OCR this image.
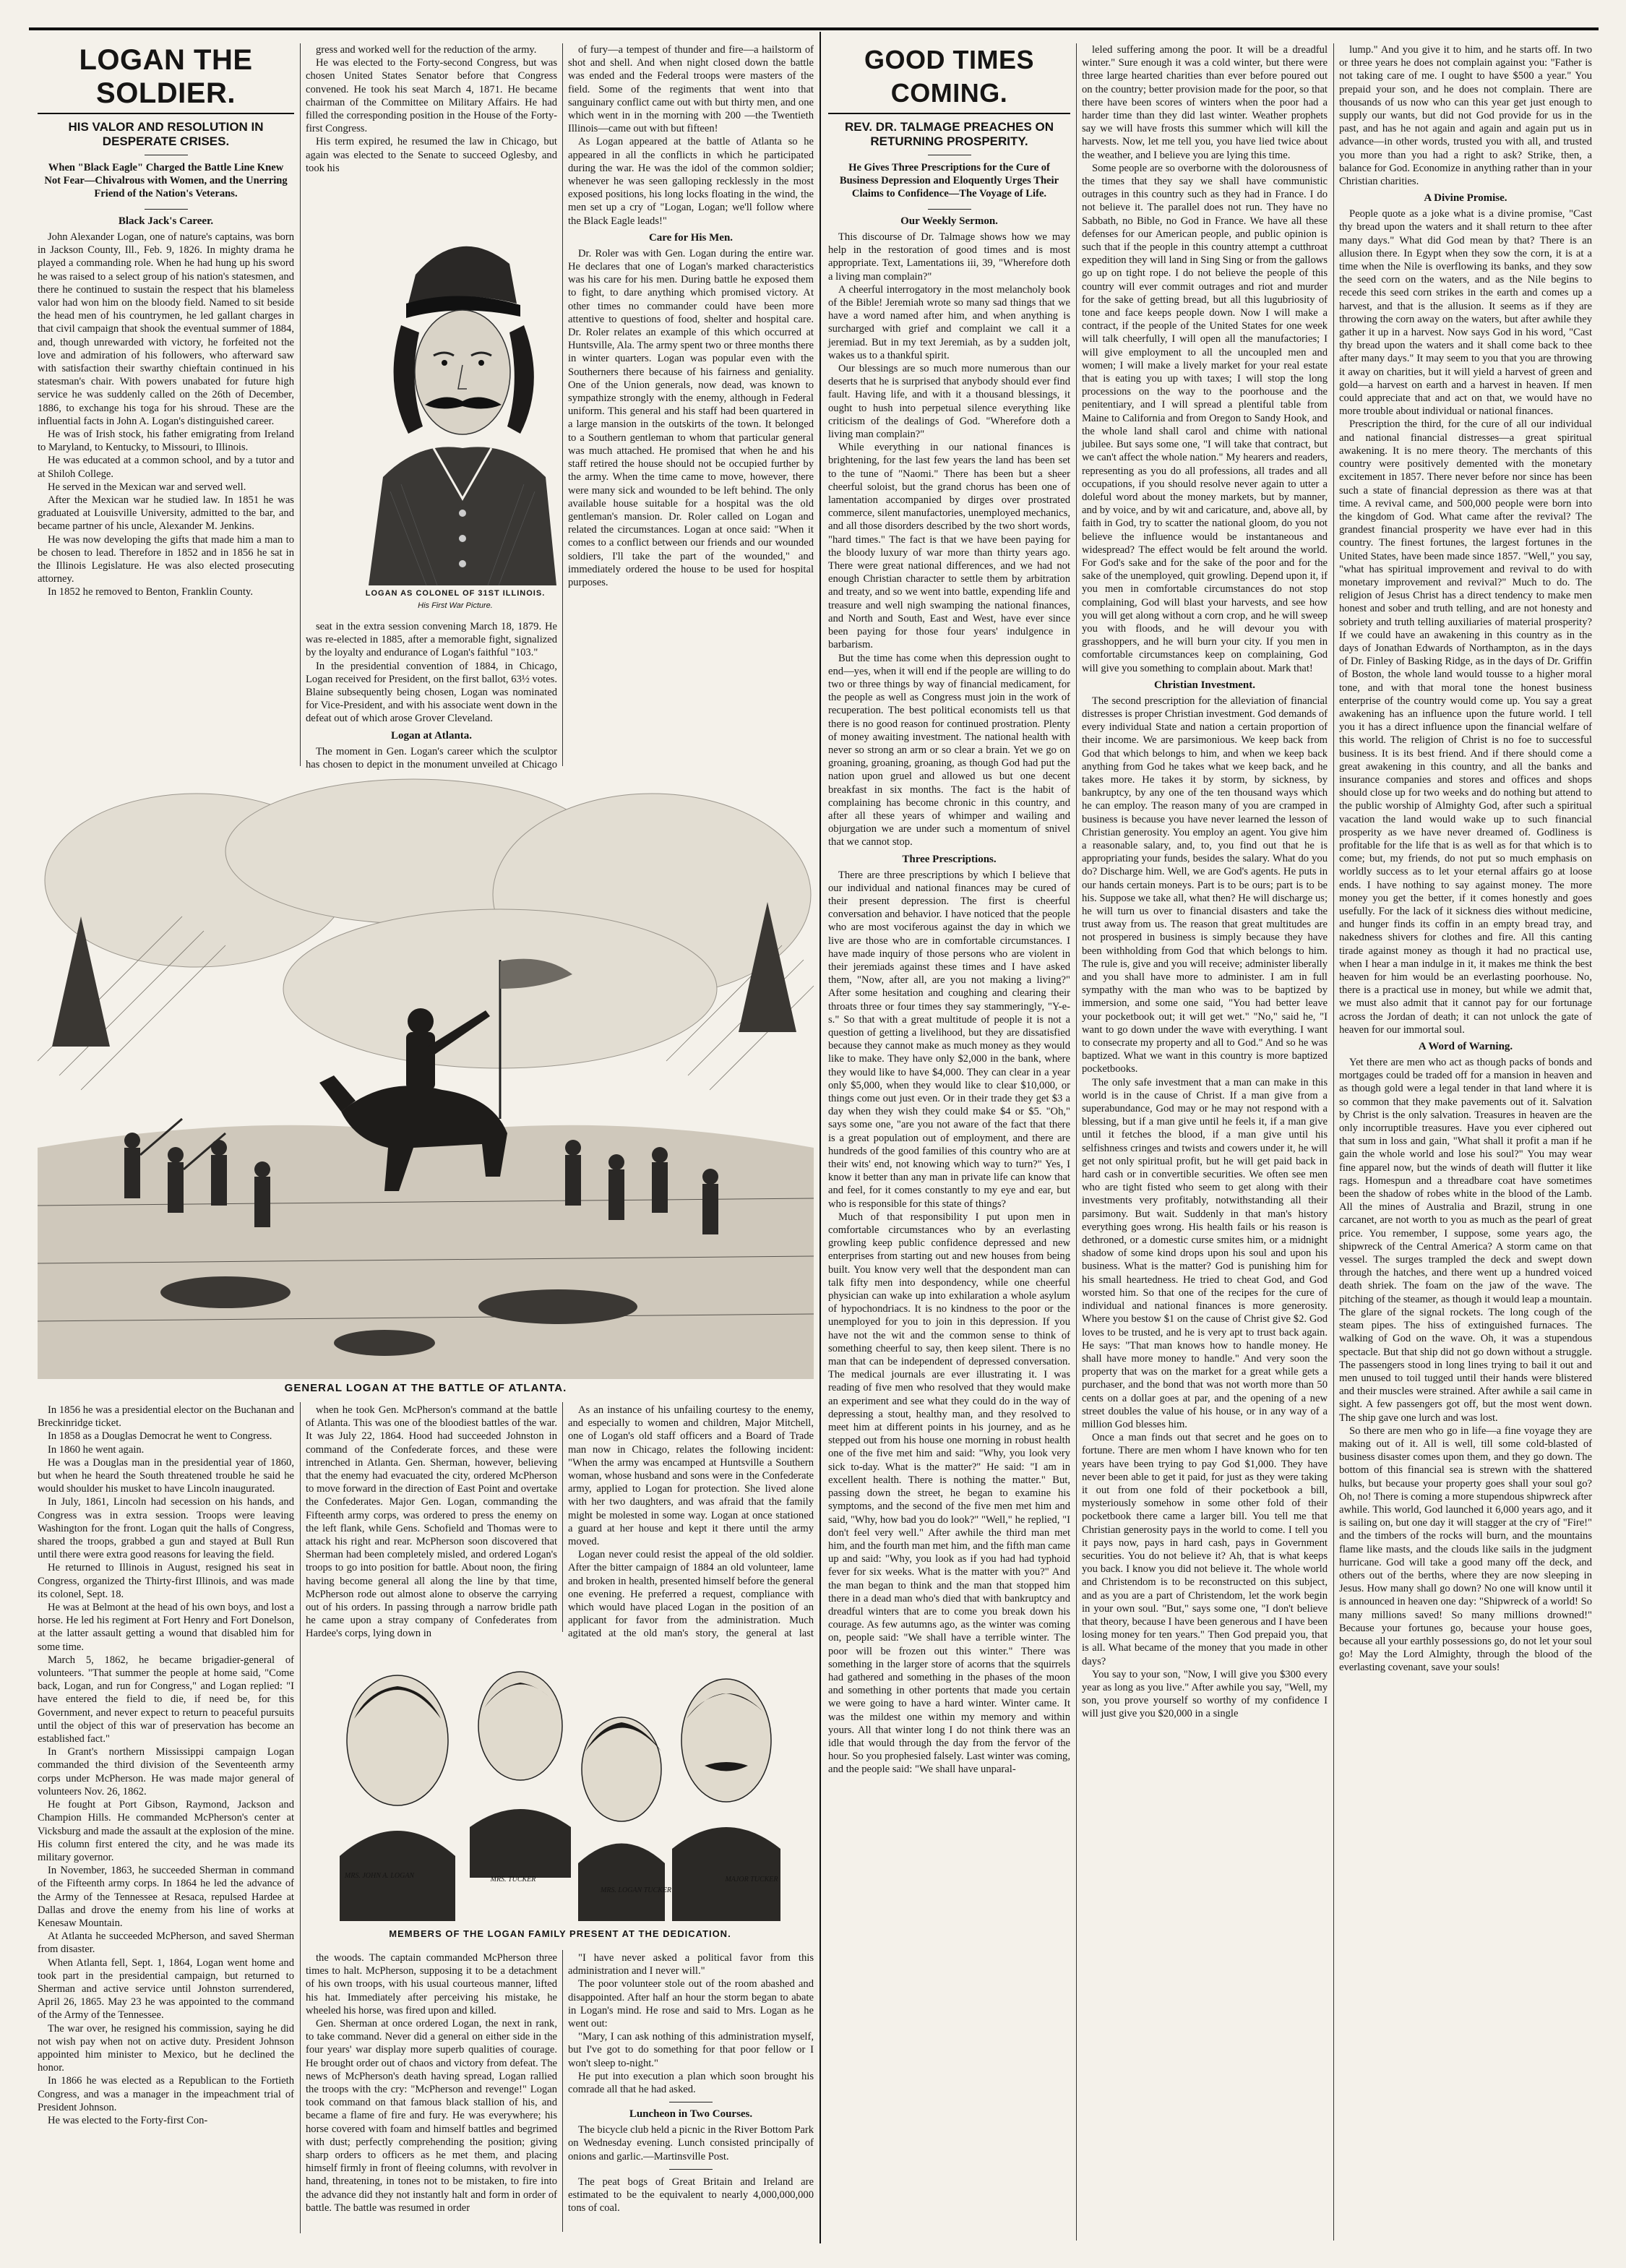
LOGAN THE SOLDIER.
HIS VALOR AND RESOLUTION IN DESPERATE CRISES.
When "Black Eagle" Charged the Battle Line Knew Not Fear—Chivalrous with Women, and the Unerring Friend of the Nation's Veterans.
Black Jack's Career.

John Alexander Logan, one of nature's captains, was born in Jackson County, Ill., Feb. 9, 1826. In mighty drama he played a commanding role. When he had hung up his sword he was raised to a select group of his nation's statesmen, and there he continued to sustain the respect that his blameless valor had won him on the bloody field. Named to sit beside the head men of his countrymen, he led gallant charges in that civil campaign that shook the eventual summer of 1884, and, though unrewarded with victory, he forfeited not the love and admiration of his followers, who afterward saw with satisfaction their swarthy chieftain continued in his statesman's chair. With powers unabated for future high service he was suddenly called on the 26th of December, 1886, to exchange his toga for his shroud. These are the influential facts in John A. Logan's distinguished career.

He was of Irish stock, his father emigrating from Ireland to Maryland, to Kentucky, to Missouri, to Illinois.

He was educated at a common school, and by a tutor and at Shiloh College.

He served in the Mexican war and served well.

After the Mexican war he studied law. In 1851 he was graduated at Louisville University, admitted to the bar, and became partner of his uncle, Alexander M. Jenkins.

He was now developing the gifts that made him a man to be chosen to lead. Therefore in 1852 and in 1856 he sat in the Illinois Legislature. He was also elected prosecuting attorney.

In 1852 he removed to Benton, Franklin County.

gress and worked well for the reduction of the army.

He was elected to the Forty-second Congress, but was chosen United States Senator before that Congress convened. He took his seat March 4, 1871. He became chairman of the Committee on Military Affairs. He had filled the corresponding position in the House of the Forty-first Congress.

His term expired, he resumed the law in Chicago, but again was elected to the Senate to succeed Oglesby, and took his

LOGAN AS COLONEL OF 31ST ILLINOIS.
His First War Picture.

seat in the extra session convening March 18, 1879. He was re-elected in 1885, after a memorable fight, signalized by the loyalty and endurance of Logan's faithful "103."

In the presidential convention of 1884, in Chicago, Logan received for President, on the first ballot, 63½ votes. Blaine subsequently being chosen, Logan was nominated for Vice-President, and with his associate went down in the defeat out of which arose Grover Cleveland.

Logan at Atlanta.

The moment in Gen. Logan's career which the sculptor has chosen to depict in the monument unveiled at Chicago

of fury—a tempest of thunder and fire—a hailstorm of shot and shell. And when night closed down the battle was ended and the Federal troops were masters of the field. Some of the regiments that went into that sanguinary conflict came out with but thirty men, and one which went in in the morning with 200 —the Twentieth Illinois—came out with but fifteen!

As Logan appeared at the battle of Atlanta so he appeared in all the conflicts in which he participated during the war. He was the idol of the common soldier; whenever he was seen galloping recklessly in the most exposed positions, his long locks floating in the wind, the men set up a cry of "Logan, Logan; we'll follow where the Black Eagle leads!"

Care for His Men.

Dr. Roler was with Gen. Logan during the entire war. He declares that one of Logan's marked characteristics was his care for his men. During battle he exposed them to fight, to dare anything which promised victory. At other times no commander could have been more attentive to questions of food, shelter and hospital care. Dr. Roler relates an example of this which occurred at Huntsville, Ala. The army spent two or three months there in winter quarters. Logan was popular even with the Southerners there because of his fairness and geniality. One of the Union generals, now dead, was known to sympathize strongly with the enemy, although in Federal uniform. This general and his staff had been quartered in a large mansion in the outskirts of the town. It belonged to a Southern gentleman to whom that particular general was much attached. He promised that when he and his staff retired the house should not be occupied further by the army. When the time came to move, however, there were many sick and wounded to be left behind. The only available house suitable for a hospital was the old gentleman's mansion. Dr. Roler called on Logan and related the circumstances. Logan at once said: "When it comes to a conflict between our friends and our wounded soldiers, I'll take the part of the wounded," and immediately ordered the house to be used for hospital purposes.

GENERAL LOGAN AT THE BATTLE OF ATLANTA.

In 1856 he was a presidential elector on the Buchanan and Breckinridge ticket.

In 1858 as a Douglas Democrat he went to Congress.

In 1860 he went again.

He was a Douglas man in the presidential year of 1860, but when he heard the South threatened trouble he said he would shoulder his musket to have Lincoln inaugurated.

In July, 1861, Lincoln had secession on his hands, and Congress was in extra session. Troops were leaving Washington for the front. Logan quit the halls of Congress, shared the troops, grabbed a gun and stayed at Bull Run until there were extra good reasons for leaving the field.

He returned to Illinois in August, resigned his seat in Congress, organized the Thirty-first Illinois, and was made its colonel, Sept. 18.

He was at Belmont at the head of his own boys, and lost a horse. He led his regiment at Fort Henry and Fort Donelson, at the latter assault getting a wound that disabled him for some time.

March 5, 1862, he became brigadier-general of volunteers. "That summer the people at home said, "Come back, Logan, and run for Congress," and Logan replied: "I have entered the field to die, if need be, for this Government, and never expect to return to peaceful pursuits until the object of this war of preservation has become an established fact."

In Grant's northern Mississippi campaign Logan commanded the third division of the Seventeenth army corps under McPherson. He was made major general of volunteers Nov. 26, 1862.

He fought at Port Gibson, Raymond, Jackson and Champion Hills. He commanded McPherson's center at Vicksburg and made the assault at the explosion of the mine. His column first entered the city, and he was made its military governor.

In November, 1863, he succeeded Sherman in command of the Fifteenth army corps. In 1864 he led the advance of the Army of the Tennessee at Resaca, repulsed Hardee at Dallas and drove the enemy from his line of works at Kenesaw Mountain.

At Atlanta he succeeded McPherson, and saved Sherman from disaster.

When Atlanta fell, Sept. 1, 1864, Logan went home and took part in the presidential campaign, but returned to Sherman and active service until Johnston surrendered, April 26, 1865. May 23 he was appointed to the command of the Army of the Tennessee.

The war over, he resigned his commission, saying he did not wish pay when not on active duty. President Johnson appointed him minister to Mexico, but he declined the honor.

In 1866 he was elected as a Republican to the Fortieth Congress, and was a manager in the impeachment trial of President Johnson.

He was elected to the Forty-first Con-

when he took Gen. McPherson's command at the battle of Atlanta. This was one of the bloodiest battles of the war. It was July 22, 1864. Hood had succeeded Johnston in command of the Confederate forces, and these were intrenched in Atlanta. Gen. Sherman, however, believing that the enemy had evacuated the city, ordered McPherson to move forward in the direction of East Point and overtake the Confederates. Major Gen. Logan, commanding the Fifteenth army corps, was ordered to press the enemy on the left flank, while Gens. Schofield and Thomas were to attack his right and rear. McPherson soon discovered that Sherman had been completely misled, and ordered Logan's troops to go into position for battle. About noon, the firing having become general all along the line by that time, McPherson rode out almost alone to observe the carrying out of his orders. In passing through a narrow bridle path he came upon a stray company of Confederates from Hardee's corps, lying down in

As an instance of his unfailing courtesy to the enemy, and especially to women and children, Major Mitchell, one of Logan's old staff officers and a Board of Trade man now in Chicago, relates the following incident: "When the army was encamped at Huntsville a Southern woman, whose husband and sons were in the Confederate army, applied to Logan for protection. She lived alone with her two daughters, and was afraid that the family might be molested in some way. Logan at once stationed a guard at her house and kept it there until the army moved.

Logan never could resist the appeal of the old soldier. After the bitter campaign of 1884 an old volunteer, lame and broken in health, presented himself before the general one evening. He preferred a request, compliance with which would have placed Logan in the position of an applicant for favor from the administration. Much agitated at the old man's story, the general at last

MRS. JOHN A. LOGAN	MRS. TUCKER
MRS. LOGAN TUCKER
MAJOR TUCKER
MEMBERS OF THE LOGAN FAMILY PRESENT AT THE DEDICATION.

the woods. The captain commanded McPherson three times to halt. McPherson, supposing it to be a detachment of his own troops, with his usual courteous manner, lifted his hat. Immediately after perceiving his mistake, he wheeled his horse, was fired upon and killed.

Gen. Sherman at once ordered Logan, the next in rank, to take command. Never did a general on either side in the four years' war display more superb qualities of courage. He brought order out of chaos and victory from defeat. The news of McPherson's death having spread, Logan rallied the troops with the cry: "McPherson and revenge!" Logan took command on that famous black stallion of his, and became a flame of fire and fury. He was everywhere; his horse covered with foam and himself battles and begrimed with dust; perfectly comprehending the position; giving sharp orders to officers as he met them, and placing himself firmly in front of fleeing columns, with revolver in hand, threatening, in tones not to be mistaken, to fire into the advance did they not instantly halt and form in order of battle. The battle was resumed in order

"I have never asked a political favor from this administration and I never will."

The poor volunteer stole out of the room abashed and disappointed. After half an hour the storm began to abate in Logan's mind. He rose and said to Mrs. Logan as he went out:

"Mary, I can ask nothing of this administration myself, but I've got to do something for that poor fellow or I won't sleep to-night."

He put into execution a plan which soon brought his comrade all that he had asked.

Luncheon in Two Courses.

The bicycle club held a picnic in the River Bottom Park on Wednesday evening. Lunch consisted principally of onions and garlic.—Martinsville Post.

The peat bogs of Great Britain and Ireland are estimated to be the equivalent to nearly 4,000,000,000 tons of coal.

GOOD TIMES COMING.
REV. DR. TALMAGE PREACHES ON RETURNING PROSPERITY.
He Gives Three Prescriptions for the Cure of Business Depression and Eloquently Urges Their Claims to Confidence—The Voyage of Life.
Our Weekly Sermon.

This discourse of Dr. Talmage shows how we may help in the restoration of good times and is most appropriate. Text, Lamentations iii, 39, "Wherefore doth a living man complain?"

A cheerful interrogatory in the most melancholy book of the Bible! Jeremiah wrote so many sad things that we have a word named after him, and when anything is surcharged with grief and complaint we call it a jeremiad. But in my text Jeremiah, as by a sudden jolt, wakes us to a thankful spirit.

Our blessings are so much more numerous than our deserts that he is surprised that anybody should ever find fault. Having life, and with it a thousand blessings, it ought to hush into perpetual silence everything like criticism of the dealings of God. "Wherefore doth a living man complain?"

While everything in our national finances is brightening, for the last few years the land has been set to the tune of "Naomi." There has been but a sheer cheerful soloist, but the grand chorus has been one of lamentation accompanied by dirges over prostrated commerce, silent manufactories, unemployed mechanics, and all those disorders described by the two short words, "hard times." The fact is that we have been paying for the bloody luxury of war more than thirty years ago. There were great national differences, and we had not enough Christian character to settle them by arbitration and treaty, and so we went into battle, expending life and treasure and well nigh swamping the national finances, and North and South, East and West, have ever since been paying for those four years' indulgence in barbarism.

But the time has come when this depression ought to end—yes, when it will end if the people are willing to do two or three things by way of financial medicament, for the people as well as Congress must join in the work of recuperation. The best political economists tell us that there is no good reason for continued prostration. Plenty of money awaiting investment. The national health with never so strong an arm or so clear a brain. Yet we go on groaning, groaning, groaning, as though God had put the nation upon gruel and allowed us but one decent breakfast in six months. The fact is the habit of complaining has become chronic in this country, and after all these years of whimper and wailing and objurgation we are under such a momentum of snivel that we cannot stop.

Three Prescriptions.

There are three prescriptions by which I believe that our individual and national finances may be cured of their present depression. The first is cheerful conversation and behavior. I have noticed that the people who are most vociferous against the day in which we live are those who are in comfortable circumstances. I have made inquiry of those persons who are violent in their jeremiads against these times and I have asked them, "Now, after all, are you not making a living?" After some hesitation and coughing and clearing their throats three or four times they say stammeringly, "Y-e-s." So that with a great multitude of people it is not a question of getting a livelihood, but they are dissatisfied because they cannot make as much money as they would like to make. They have only $2,000 in the bank, where they would like to have $4,000. They can clear in a year only $5,000, when they would like to clear $10,000, or things come out just even. Or in their trade they get $3 a day when they wish they could make $4 or $5. "Oh," says some one, "are you not aware of the fact that there is a great population out of employment, and there are hundreds of the good families of this country who are at their wits' end, not knowing which way to turn?" Yes, I know it better than any man in private life can know that and feel, for it comes constantly to my eye and ear, but who is responsible for this state of things?

Much of that responsibility I put upon men in comfortable circumstances who by an everlasting growling keep public confidence depressed and new enterprises from starting out and new houses from being built. You know very well that the despondent man can talk fifty men into despondency, while one cheerful physician can wake up into exhilaration a whole asylum of hypochondriacs. It is no kindness to the poor or the unemployed for you to join in this depression. If you have not the wit and the common sense to think of something cheerful to say, then keep silent. There is no man that can be independent of depressed conversation. The medical journals are ever illustrating it. I was reading of five men who resolved that they would make an experiment and see what they could do in the way of depressing a stout, healthy man, and they resolved to meet him at different points in his journey, and as he stepped out from his house one morning in robust health one of the five met him and said: "Why, you look very sick to-day. What is the matter?" He said: "I am in excellent health. There is nothing the matter." But, passing down the street, he began to examine his symptoms, and the second of the five men met him and said, "Why, how bad you do look?" "Well," he replied, "I don't feel very well." After awhile the third man met him, and the fourth man met him, and the fifth man came up and said: "Why, you look as if you had had typhoid fever for six weeks. What is the matter with you?" And the man began to think and the man that stopped him there in a dead man who's died that with bankruptcy and dreadful winters that are to come you break down his courage. As few autumns ago, as the winter was coming on, people said: "We shall have a terrible winter. The poor will be frozen out this winter." There was something in the larger store of acorns that the squirrels had gathered and something in the phases of the moon and something in other portents that made you certain we were going to have a hard winter. Winter came. It was the mildest one within my memory and within yours. All that winter long I do not think there was an idle that would through the day from the fervor of the hour. So you prophesied falsely. Last winter was coming, and the people said: "We shall have unparal-

leled suffering among the poor. It will be a dreadful winter." Sure enough it was a cold winter, but there were three large hearted charities than ever before poured out on the country; better provision made for the poor, so that there have been scores of winters when the poor had a harder time than they did last winter. Weather prophets say we will have frosts this summer which will kill the harvests. Now, let me tell you, you have lied twice about the weather, and I believe you are lying this time.

Some people are so overborne with the dolorousness of the times that they say we shall have communistic outrages in this country such as they had in France. I do not believe it. The parallel does not run. They have no Sabbath, no Bible, no God in France. We have all these defenses for our American people, and public opinion is such that if the people in this country attempt a cutthroat expedition they will land in Sing Sing or from the gallows go up on tight rope. I do not believe the people of this country will ever commit outrages and riot and murder for the sake of getting bread, but all this lugubriosity of tone and face keeps people down. Now I will make a contract, if the people of the United States for one week will talk cheerfully, I will open all the manufactories; I will give employment to all the uncoupled men and women; I will make a lively market for your real estate that is eating you up with taxes; I will stop the long processions on the way to the poorhouse and the penitentiary, and I will spread a plentiful table from Maine to California and from Oregon to Sandy Hook, and the whole land shall carol and chime with national jubilee. But says some one, "I will take that contract, but we can't affect the whole nation." My hearers and readers, representing as you do all professions, all trades and all occupations, if you should resolve never again to utter a doleful word about the money markets, but by manner, and by voice, and by wit and caricature, and, above all, by faith in God, try to scatter the national gloom, do you not believe the influence would be instantaneous and widespread? The effect would be felt around the world. For God's sake and for the sake of the poor and for the sake of the unemployed, quit growling. Depend upon it, if you men in comfortable circumstances do not stop complaining, God will blast your harvests, and see how you will get along without a corn crop, and he will sweep you with floods, and he will devour you with grasshoppers, and he will burn your city. If you men in comfortable circumstances keep on complaining, God will give you something to complain about. Mark that!

Christian Investment.

The second prescription for the alleviation of financial distresses is proper Christian investment. God demands of every individual State and nation a certain proportion of their income. We are parsimonious. We keep back from God that which belongs to him, and when we keep back anything from God he takes what we keep back, and he takes more. He takes it by storm, by sickness, by bankruptcy, by any one of the ten thousand ways which he can employ. The reason many of you are cramped in business is because you have never learned the lesson of Christian generosity. You employ an agent. You give him a reasonable salary, and, to, you find out that he is appropriating your funds, besides the salary. What do you do? Discharge him. Well, we are God's agents. He puts in our hands certain moneys. Part is to be ours; part is to be his. Suppose we take all, what then? He will discharge us; he will turn us over to financial disasters and take the trust away from us. The reason that great multitudes are not prospered in business is simply because they have been withholding from God that which belongs to him. The rule is, give and you will receive; administer liberally and you shall have more to administer. I am in full sympathy with the man who was to be baptized by immersion, and some one said, "You had better leave your pocketbook out; it will get wet." "No," said he, "I want to go down under the wave with everything. I want to consecrate my property and all to God." And so he was baptized. What we want in this country is more baptized pocketbooks.

The only safe investment that a man can make in this world is in the cause of Christ. If a man give from a superabundance, God may or he may not respond with a blessing, but if a man give until he feels it, if a man give until it fetches the blood, if a man give until his selfishness cringes and twists and cowers under it, he will get not only spiritual profit, but he will get paid back in hard cash or in convertible securities. We often see men who are tight fisted who seem to get along with their investments very profitably, notwithstanding all their parsimony. But wait. Suddenly in that man's history everything goes wrong. His health fails or his reason is dethroned, or a domestic curse smites him, or a midnight shadow of some kind drops upon his soul and upon his business. What is the matter? God is punishing him for his small heartedness. He tried to cheat God, and God worsted him. So that one of the recipes for the cure of individual and national finances is more generosity. Where you bestow $1 on the cause of Christ give $2. God loves to be trusted, and he is very apt to trust back again. He says: "That man knows how to handle money. He shall have more money to handle." And very soon the property that was on the market for a great while gets a purchaser, and the bond that was not worth more than 50 cents on a dollar goes at par, and the opening of a new street doubles the value of his house, or in any way of a million God blesses him.

Once a man finds out that secret and he goes on to fortune. There are men whom I have known who for ten years have been trying to pay God $1,000. They have never been able to get it paid, for just as they were taking it out from one fold of their pocketbook a bill, mysteriously somehow in some other fold of their pocketbook there came a larger bill. You tell me that Christian generosity pays in the world to come. I tell you it pays now, pays in hard cash, pays in Government securities. You do not believe it? Ah, that is what keeps you back. I know you did not believe it. The whole world and Christendom is to be reconstructed on this subject, and as you are a part of Christendom, let the work begin in your own soul. "But," says some one, "I don't believe that theory, because I have been generous and I have been losing money for ten years." Then God prepaid you, that is all. What became of the money that you made in other days?

You say to your son, "Now, I will give you $300 every year as long as you live." After awhile you say, "Well, my son, you prove yourself so worthy of my confidence I will just give you $20,000 in a single

lump." And you give it to him, and he starts off. In two or three years he does not complain against you: "Father is not taking care of me. I ought to have $500 a year." You prepaid your son, and he does not complain. There are thousands of us now who can this year get just enough to supply our wants, but did not God provide for us in the past, and has he not again and again and again put us in advance—in other words, trusted you with all, and trusted you more than you had a right to ask? Strike, then, a balance for God. Economize in anything rather than in your Christian charities.

A Divine Promise.

People quote as a joke what is a divine promise, "Cast thy bread upon the waters and it shall return to thee after many days." What did God mean by that? There is an allusion there. In Egypt when they sow the corn, it is at a time when the Nile is overflowing its banks, and they sow the seed corn on the waters, and as the Nile begins to recede this seed corn strikes in the earth and comes up a harvest, and that is the allusion. It seems as if they are throwing the corn away on the waters, but after awhile they gather it up in a harvest. Now says God in his word, "Cast thy bread upon the waters and it shall come back to thee after many days." It may seem to you that you are throwing it away on charities, but it will yield a harvest of green and gold—a harvest on earth and a harvest in heaven. If men could appreciate that and act on that, we would have no more trouble about individual or national finances.

Prescription the third, for the cure of all our individual and national financial distresses—a great spiritual awakening. It is no mere theory. The merchants of this country were positively demented with the monetary excitement in 1857. There never before nor since has been such a state of financial depression as there was at that time. A revival came, and 500,000 people were born into the kingdom of God. What came after the revival? The grandest financial prosperity we have ever had in this country. The finest fortunes, the largest fortunes in the United States, have been made since 1857. "Well," you say, "what has spiritual improvement and revival to do with monetary improvement and revival?" Much to do. The religion of Jesus Christ has a direct tendency to make men honest and sober and truth telling, and are not honesty and sobriety and truth telling auxiliaries of material prosperity? If we could have an awakening in this country as in the days of Jonathan Edwards of Northampton, as in the days of Dr. Finley of Basking Ridge, as in the days of Dr. Griffin of Boston, the whole land would tousse to a higher moral tone, and with that moral tone the honest business enterprise of the country would come up. You say a great awakening has an influence upon the future world. I tell you it has a direct influence upon the financial welfare of this world. The religion of Christ is no foe to successful business. It is its best friend. And if there should come a great awakening in this country, and all the banks and insurance companies and stores and offices and shops should close up for two weeks and do nothing but attend to the public worship of Almighty God, after such a spiritual vacation the land would wake up to such financial prosperity as we have never dreamed of. Godliness is profitable for the life that is as well as for that which is to come; but, my friends, do not put so much emphasis on worldly success as to let your eternal affairs go at loose ends. I have nothing to say against money. The more money you get the better, if it comes honestly and goes usefully. For the lack of it sickness dies without medicine, and hunger finds its coffin in an empty bread tray, and nakedness shivers for clothes and fire. All this canting tirade against money as though it had no practical use, when I hear a man indulge in it, it makes me think the best heaven for him would be an everlasting poorhouse. No, there is a practical use in money, but while we admit that, we must also admit that it cannot pay for our fortunage across the Jordan of death; it can not unlock the gate of heaven for our immortal soul.

A Word of Warning.

Yet there are men who act as though packs of bonds and mortgages could be traded off for a mansion in heaven and as though gold were a legal tender in that land where it is so common that they make pavements out of it. Salvation by Christ is the only salvation. Treasures in heaven are the only incorruptible treasures. Have you ever ciphered out that sum in loss and gain, "What shall it profit a man if he gain the whole world and lose his soul?" You may wear fine apparel now, but the winds of death will flutter it like rags. Homespun and a threadbare coat have sometimes been the shadow of robes white in the blood of the Lamb. All the mines of Australia and Brazil, strung in one carcanet, are not worth to you as much as the pearl of great price. You remember, I suppose, some years ago, the shipwreck of the Central America? A storm came on that vessel. The surges trampled the deck and swept down through the hatches, and there went up a hundred voiced death shriek. The foam on the jaw of the wave. The pitching of the steamer, as though it would leap a mountain. The glare of the signal rockets. The long cough of the steam pipes. The hiss of extinguished furnaces. The walking of God on the wave. Oh, it was a stupendous spectacle. But that ship did not go down without a struggle. The passengers stood in long lines trying to bail it out and men unused to toil tugged until their hands were blistered and their muscles were strained. After awhile a sail came in sight. A few passengers got off, but the most went down. The ship gave one lurch and was lost.

So there are men who go in life—a fine voyage they are making out of it. All is well, till some cold-blasted of business disaster comes upon them, and they go down. The bottom of this financial sea is strewn with the shattered hulks, but because your property goes shall your soul go? Oh, no! There is coming a more stupendous shipwreck after awhile. This world, God launched it 6,000 years ago, and it is sailing on, but one day it will stagger at the cry of "Fire!" and the timbers of the rocks will burn, and the mountains flame like masts, and the clouds like sails in the judgment hurricane. God will take a good many off the deck, and others out of the berths, where they are now sleeping in Jesus. How many shall go down? No one will know until it is announced in heaven one day: "Shipwreck of a world! So many millions saved! So many millions drowned!" Because your fortunes go, because your house goes, because all your earthly possessions go, do not let your soul go! May the Lord Almighty, through the blood of the everlasting covenant, save your souls!
